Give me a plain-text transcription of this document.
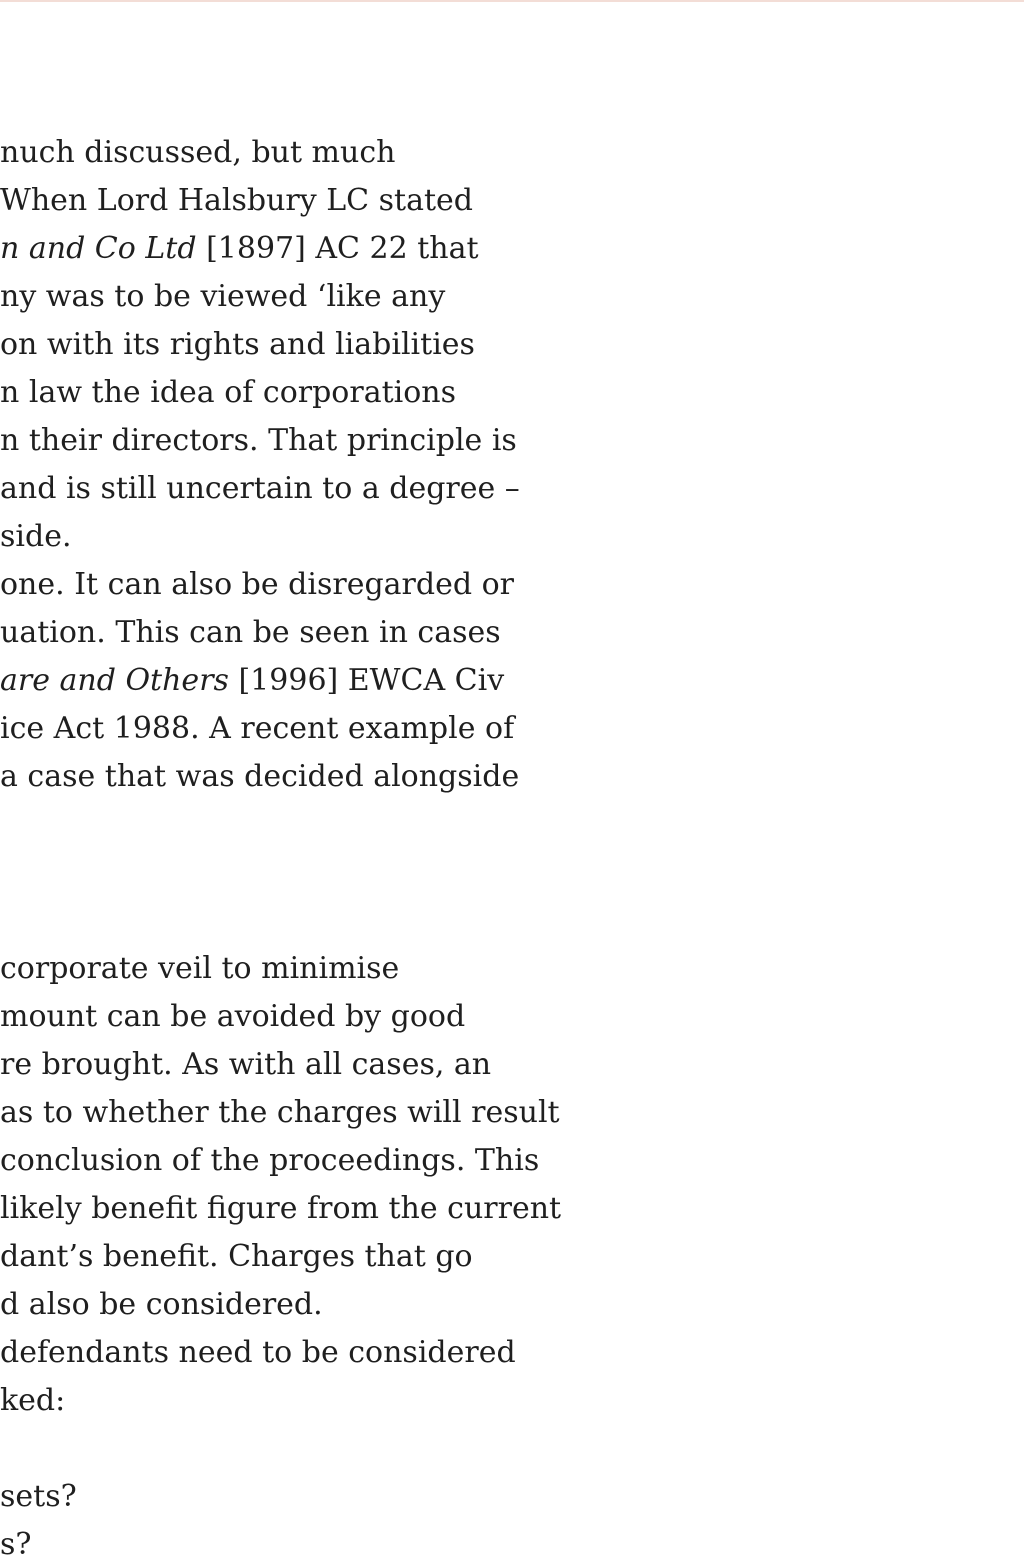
nuch discussed, but much
When Lord Halsbury LC stated
n and Co Ltd [1897] AC 22 that
ny was to be viewed ‘like any
on with its rights and liabilities
n law the idea of corporations
n their directors. That principle is
and is still uncertain to a degree –
side.
one. It can also be disregarded or
uation. This can be seen in cases
are and Others [1996] EWCA Civ
ice Act 1988. A recent example of
a case that was decided alongside
corporate veil to minimise
mount can be avoided by good
re brought. As with all cases, an
as to whether the charges will result
conclusion of the proceedings. This
likely benefit figure from the current
dant’s benefit. Charges that go
d also be considered.
defendants need to be considered
ked:
sets?
s?
